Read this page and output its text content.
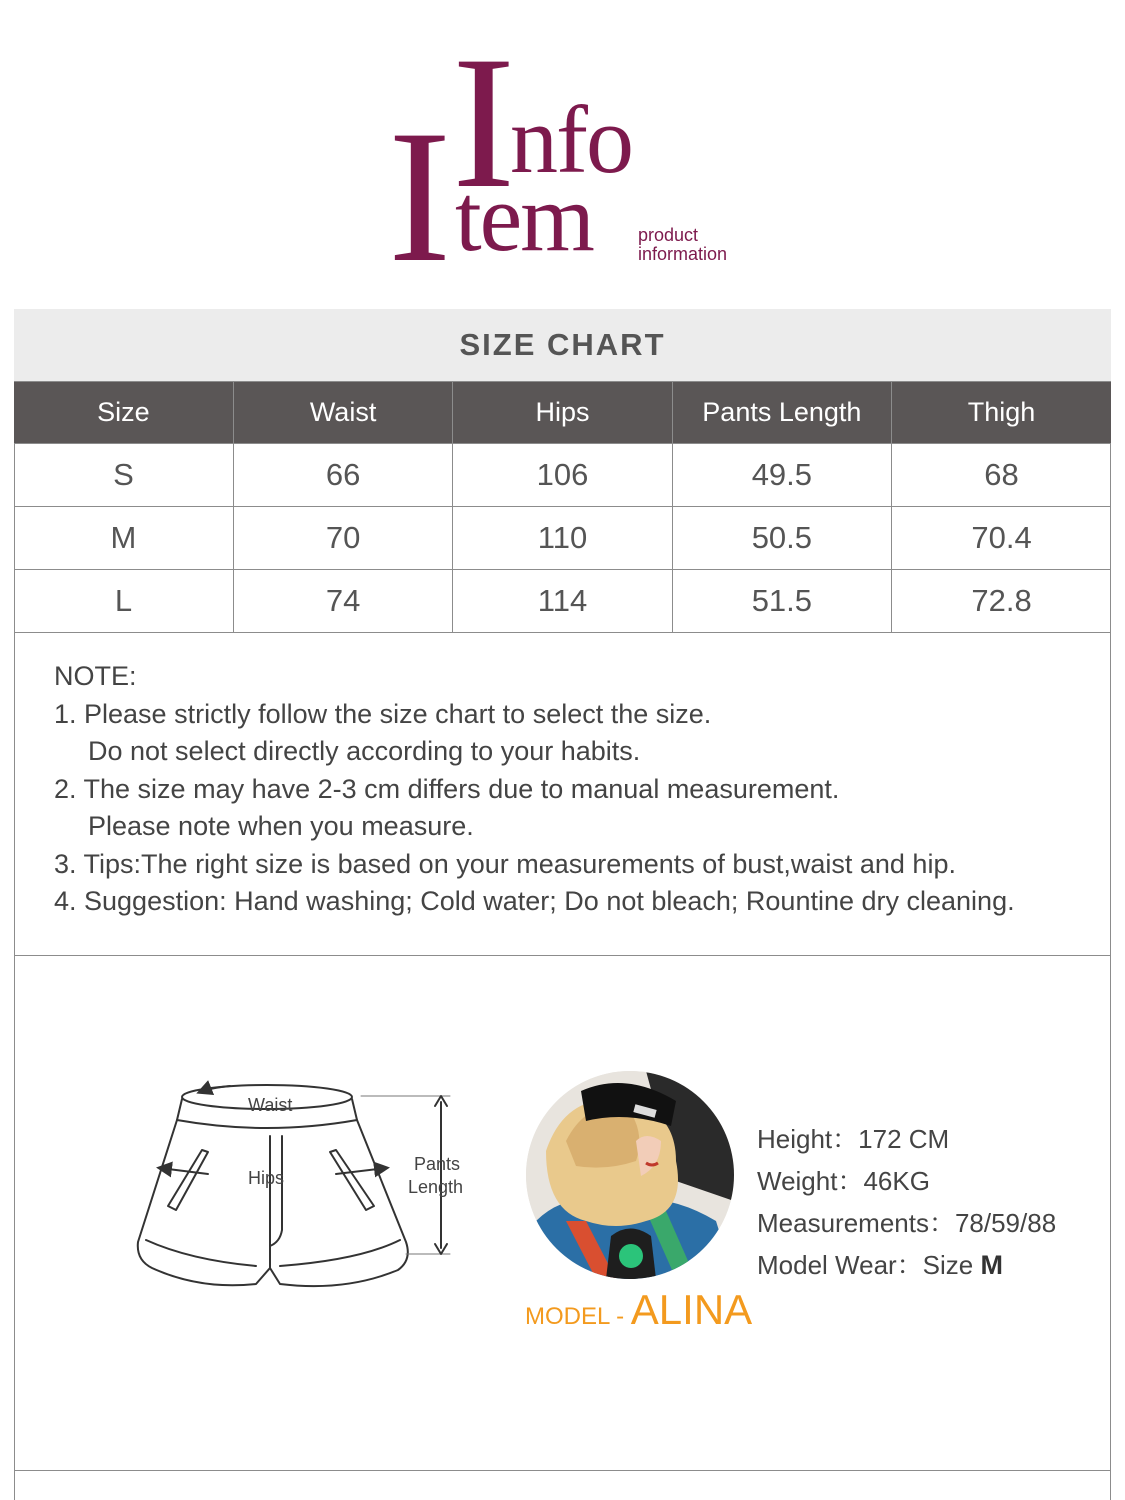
I
nfo
I tem	product
information
SIZE CHART
Size	Waist	Hips	Pants Length	Thigh
S	66	106	49.5	68
M	70	110	50.5	70.4
L	74	114	51.5	72.8
NOTE:
1. Please strictly follow the size chart to select the size.
Do not select directly according to your habits.
2. The size may have 2-3 cm differs due to manual measurement.
Please note when you measure.
3. Tips:The right size is based on your measurements of bust,waist and hip.
4. Suggestion: Hand washing; Cold water; Do not bleach; Rountine dry cleaning.
Waist
Hips
Pants
Length
MODEL - ALINA
Height：172 CM
Weight：46KG
Measurements：78/59/88
Model Wear：Size M
